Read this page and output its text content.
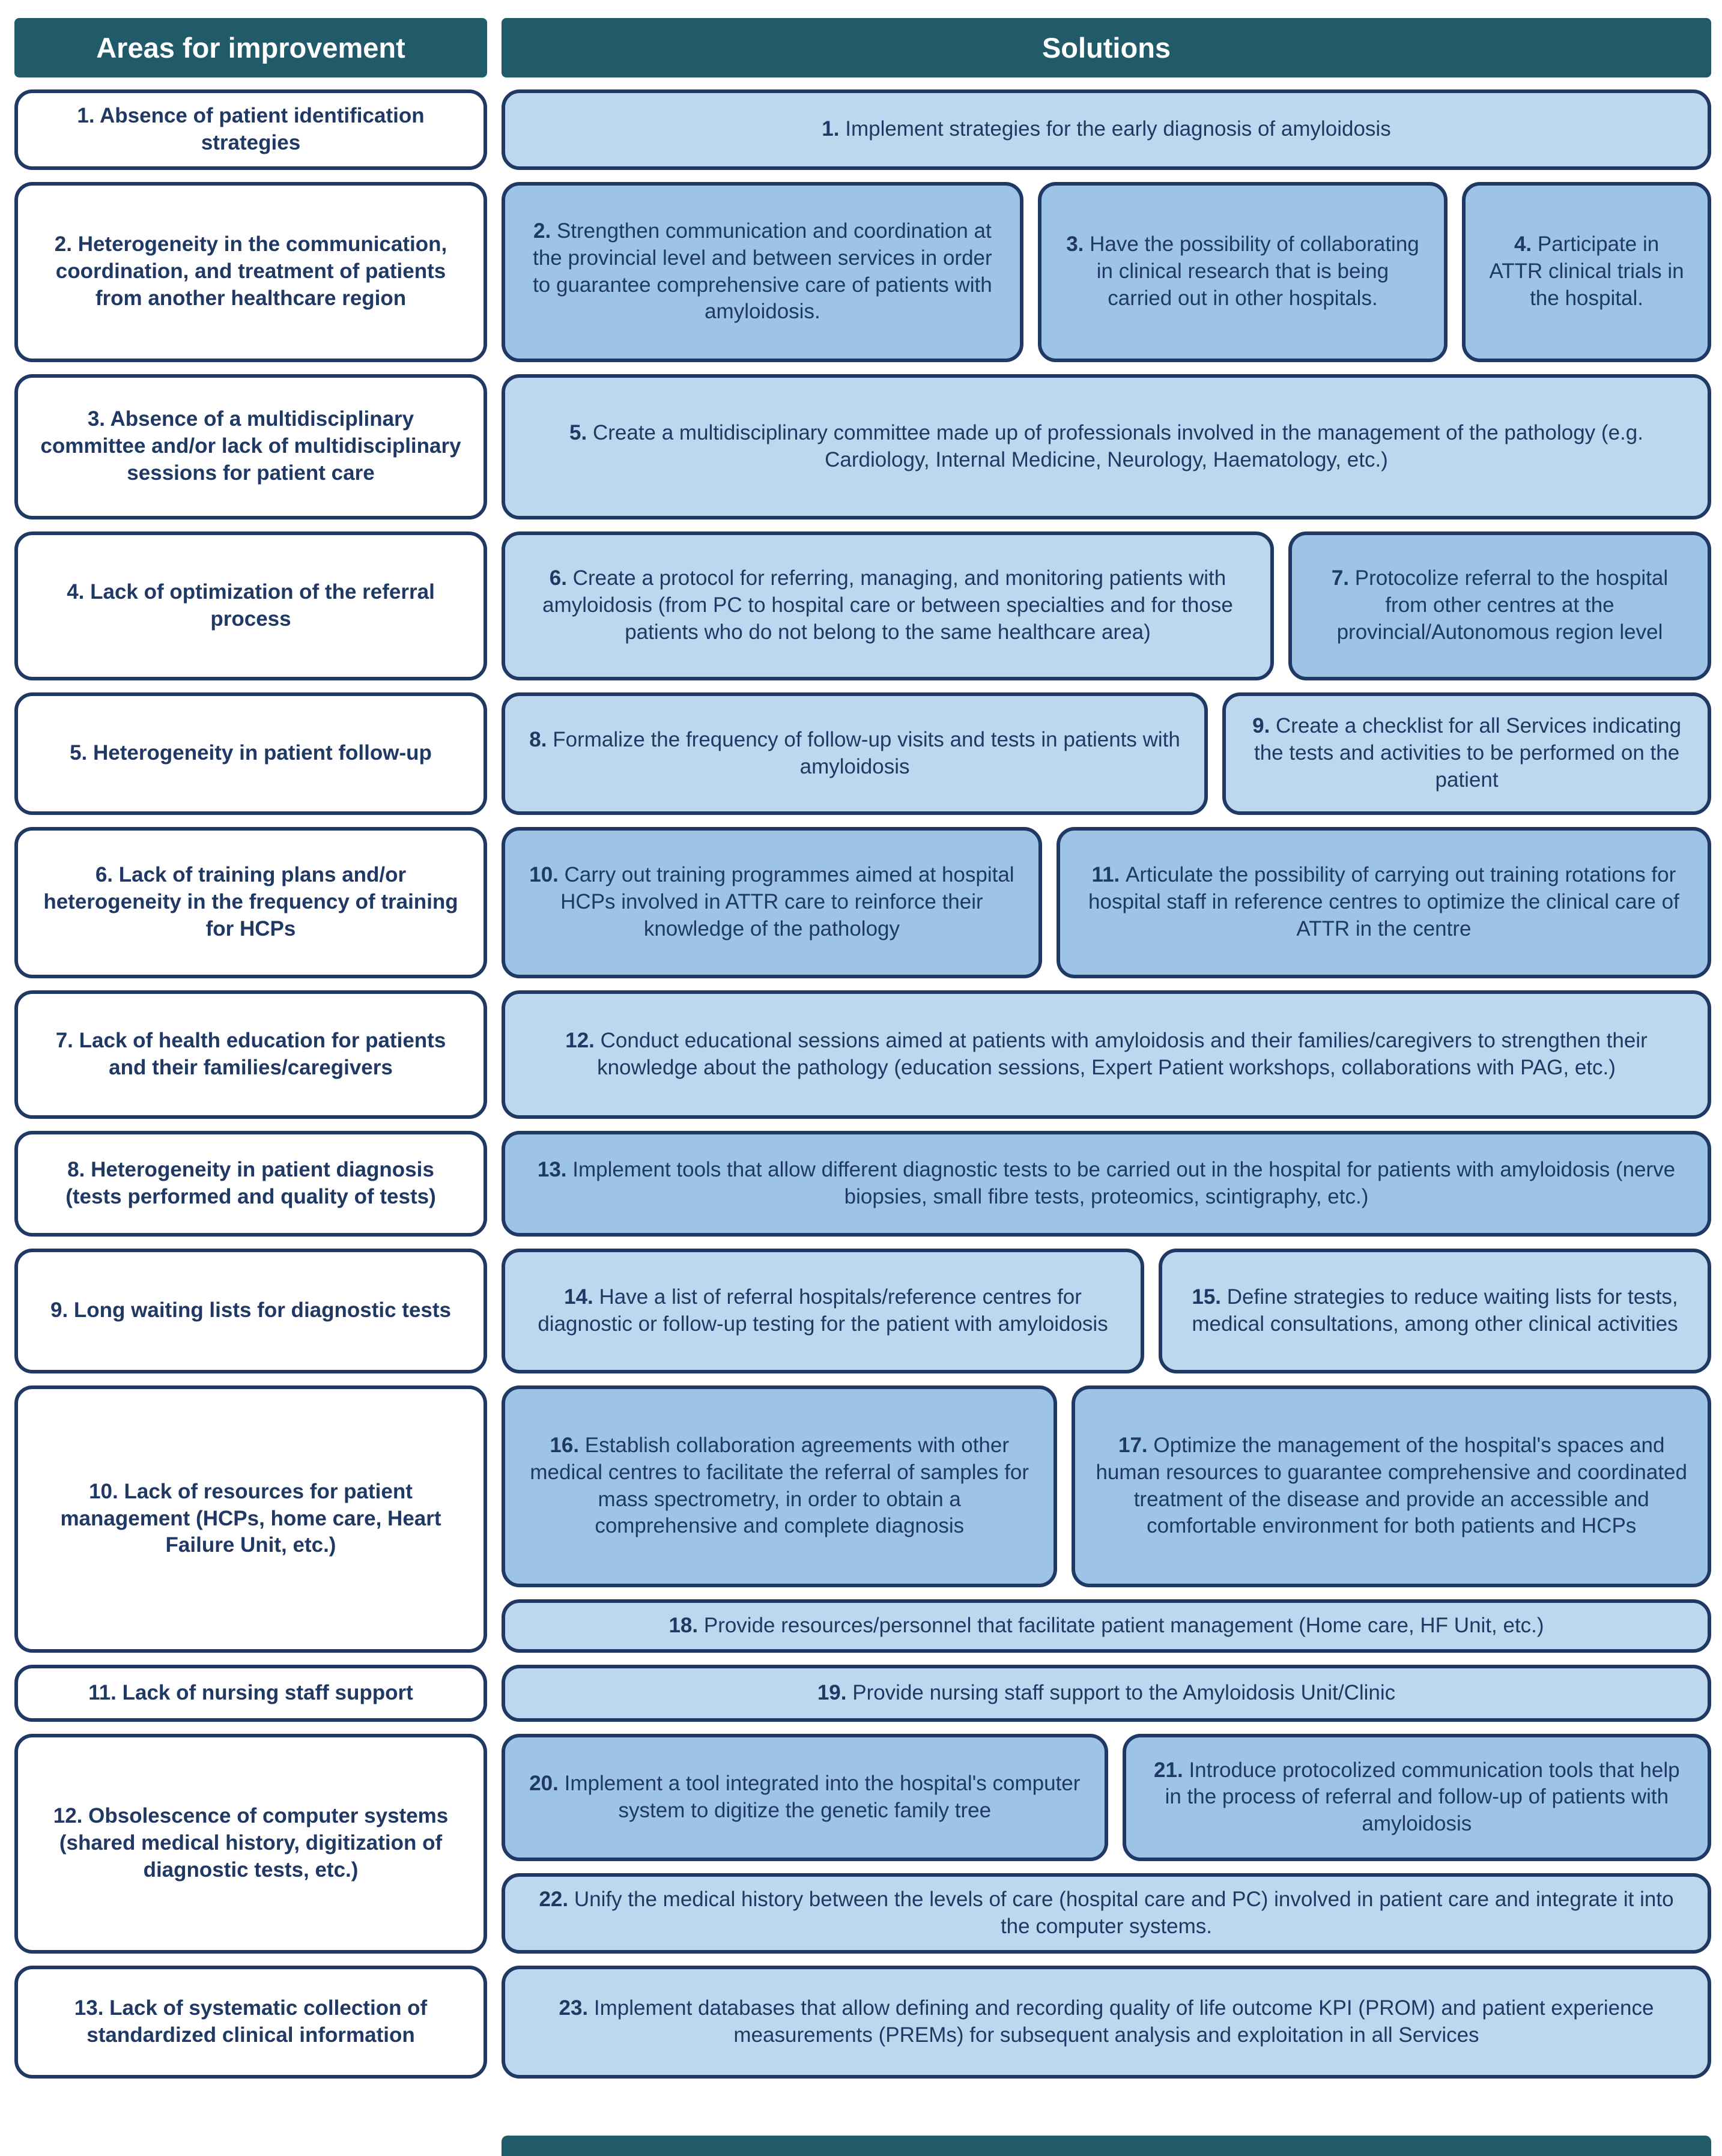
Areas for improvement	Solutions
1. Absence of patient identification strategies
1. Implement strategies for the early diagnosis of amyloidosis
2. Heterogeneity in the communication, coordination, and treatment of patients from another healthcare region
2. Strengthen communication and coordination at the provincial level and between services in order to guarantee comprehensive care of patients with amyloidosis.
3. Have the possibility of collaborating in clinical research that is being carried out in other hospitals.
4. Participate in ATTR clinical trials in the hospital.
3. Absence of a multidisciplinary committee and/or lack of multidisciplinary sessions for patient care
5. Create a multidisciplinary committee made up of professionals involved in the management of the pathology (e.g. Cardiology, Internal Medicine, Neurology, Haematology, etc.)
4. Lack of optimization of the referral process
6. Create a protocol for referring, managing, and monitoring patients with amyloidosis (from PC to hospital care or between specialties and for those patients who do not belong to the same healthcare area)
7. Protocolize referral to the hospital from other centres at the provincial/Autonomous region level
5. Heterogeneity in patient follow-up
8. Formalize the frequency of follow-up visits and tests in patients with amyloidosis
9. Create a checklist for all Services indicating the tests and activities to be performed on the patient
6. Lack of training plans and/or heterogeneity in the frequency of training for HCPs
10. Carry out training programmes aimed at hospital HCPs involved in ATTR care to reinforce their knowledge of the pathology
11. Articulate the possibility of carrying out training rotations for hospital staff in reference centres to optimize the clinical care of ATTR in the centre
7. Lack of health education for patients and their families/caregivers
12. Conduct educational sessions aimed at patients with amyloidosis and their families/caregivers to strengthen their knowledge about the pathology (education sessions, Expert Patient workshops, collaborations with PAG, etc.)
8. Heterogeneity in patient diagnosis (tests performed and quality of tests)
13. Implement tools that allow different diagnostic tests to be carried out in the hospital for patients with amyloidosis (nerve biopsies, small fibre tests, proteomics, scintigraphy, etc.)
9. Long waiting lists for diagnostic tests
14. Have a list of referral hospitals/reference centres for diagnostic or follow-up testing for the patient with amyloidosis
15. Define strategies to reduce waiting lists for tests, medical consultations, among other clinical activities
10. Lack of resources for patient management (HCPs, home care, Heart Failure Unit, etc.)
16. Establish collaboration agreements with other medical centres to facilitate the referral of samples for mass spectrometry, in order to obtain a comprehensive and complete diagnosis
17. Optimize the management of the hospital's spaces and human resources to guarantee comprehensive and coordinated treatment of the disease and provide an accessible and comfortable environment for both patients and HCPs
18. Provide resources/personnel that facilitate patient management (Home care, HF Unit, etc.)
11. Lack of nursing staff support	19. Provide nursing staff support to the Amyloidosis Unit/Clinic
12. Obsolescence of computer systems (shared medical history, digitization of diagnostic tests, etc.)
20. Implement a tool integrated into the hospital's computer system to digitize the genetic family tree
21. Introduce protocolized communication tools that help in the process of referral and follow-up of patients with amyloidosis
22. Unify the medical history between the levels of care (hospital care and PC) involved in patient care and integrate it into the computer systems.
13. Lack of systematic collection of standardized clinical information
23. Implement databases that allow defining and recording quality of life outcome KPI (PROM) and patient experience measurements (PREMs) for subsequent analysis and exploitation in all Services
